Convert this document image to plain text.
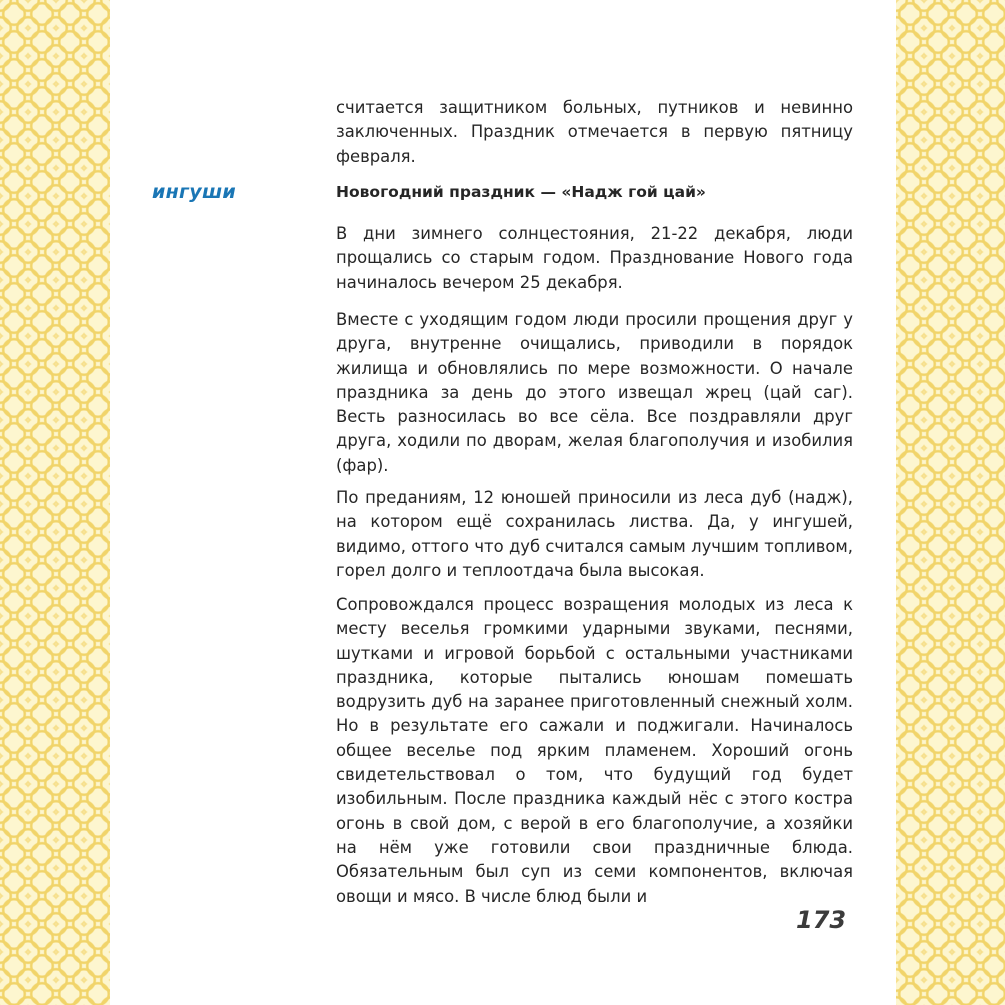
ингуши

считается защитником больных, путников и невинно заключенных. Праздник отмечается в первую пятницу февраля.

Новогодний праздник — «Надж гой цай»

В дни зимнего солнцестояния, 21-22 декабря, люди прощались со старым годом. Празднование Нового года начиналось вечером 25 декабря.

Вместе с уходящим годом люди просили прощения друг у друга, внутренне очищались, приводили в порядок жилища и обновлялись по мере возможности. О начале праздника за день до этого извещал жрец (цай саг). Весть разносилась во все сёла. Все поздравляли друг друга, ходили по дворам, желая благополучия и изобилия (фар).

По преданиям, 12 юношей приносили из леса дуб (надж), на котором ещё сохранилась листва. Да, у ингушей, видимо, оттого что дуб считался самым лучшим топливом, горел долго и теплоотдача была высокая.

Сопровождался процесс возращения молодых из леса к месту веселья громкими ударными звуками, песнями, шутками и игровой борьбой с остальными участниками праздника, которые пытались юношам помешать водрузить дуб на заранее приготовленный снежный холм. Но в результате его сажали и поджигали. Начиналось общее веселье под ярким пламенем. Хороший огонь свидетельствовал о том, что будущий год будет изобильным. После праздника каждый нёс с этого костра огонь в свой дом, с верой в его благополучие, а хозяйки на нём уже готовили свои праздничные блюда. Обязательным был суп из семи компонентов, включая овощи и мясо. В числе блюд были и

173
